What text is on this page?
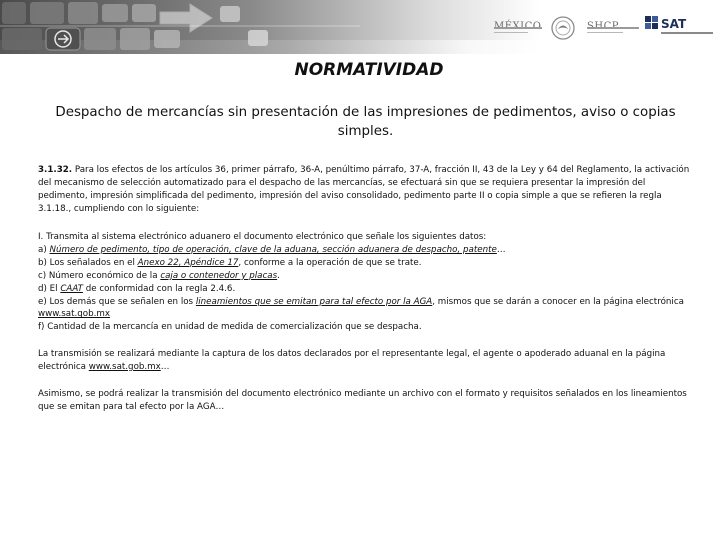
SAT
NORMATIVIDAD
Despacho de mercancías sin presentación de las impresiones de pedimentos, aviso o copias simples.

3.1.32. Para los efectos de los artículos 36, primer párrafo, 36-A, penúltimo párrafo, 37-A, fracción II, 43 de la Ley y 64 del Reglamento, la activación del mecanismo de selección automatizado para el despacho de las mercancías, se efectuará sin que se requiera presentar la impresión del pedimento, impresión simplificada del pedimento, impresión del aviso consolidado, pedimento parte II o copia simple a que se refieren la regla 3.1.18., cumpliendo con lo siguiente:

I. Transmita al sistema electrónico aduanero el documento electrónico que señale los siguientes datos:

a) Número de pedimento, tipo de operación, clave de la aduana, sección aduanera de despacho, patente…

b) Los señalados en el Anexo 22, Apéndice 17, conforme a la operación de que se trate.

c) Número económico de la caja o contenedor y placas.

d) El CAAT de conformidad con la regla 2.4.6.

e) Los demás que se señalen en los lineamientos que se emitan para tal efecto por la AGA, mismos que se darán a conocer en la página electrónica www.sat.gob.mx

f) Cantidad de la mercancía en unidad de medida de comercialización que se despacha.

La transmisión se realizará mediante la captura de los datos declarados por el representante legal, el agente o apoderado aduanal en la página electrónica www.sat.gob.mx…

Asimismo, se podrá realizar la transmisión del documento electrónico mediante un archivo con el formato y requisitos señalados en los lineamientos que se emitan para tal efecto por la AGA…
